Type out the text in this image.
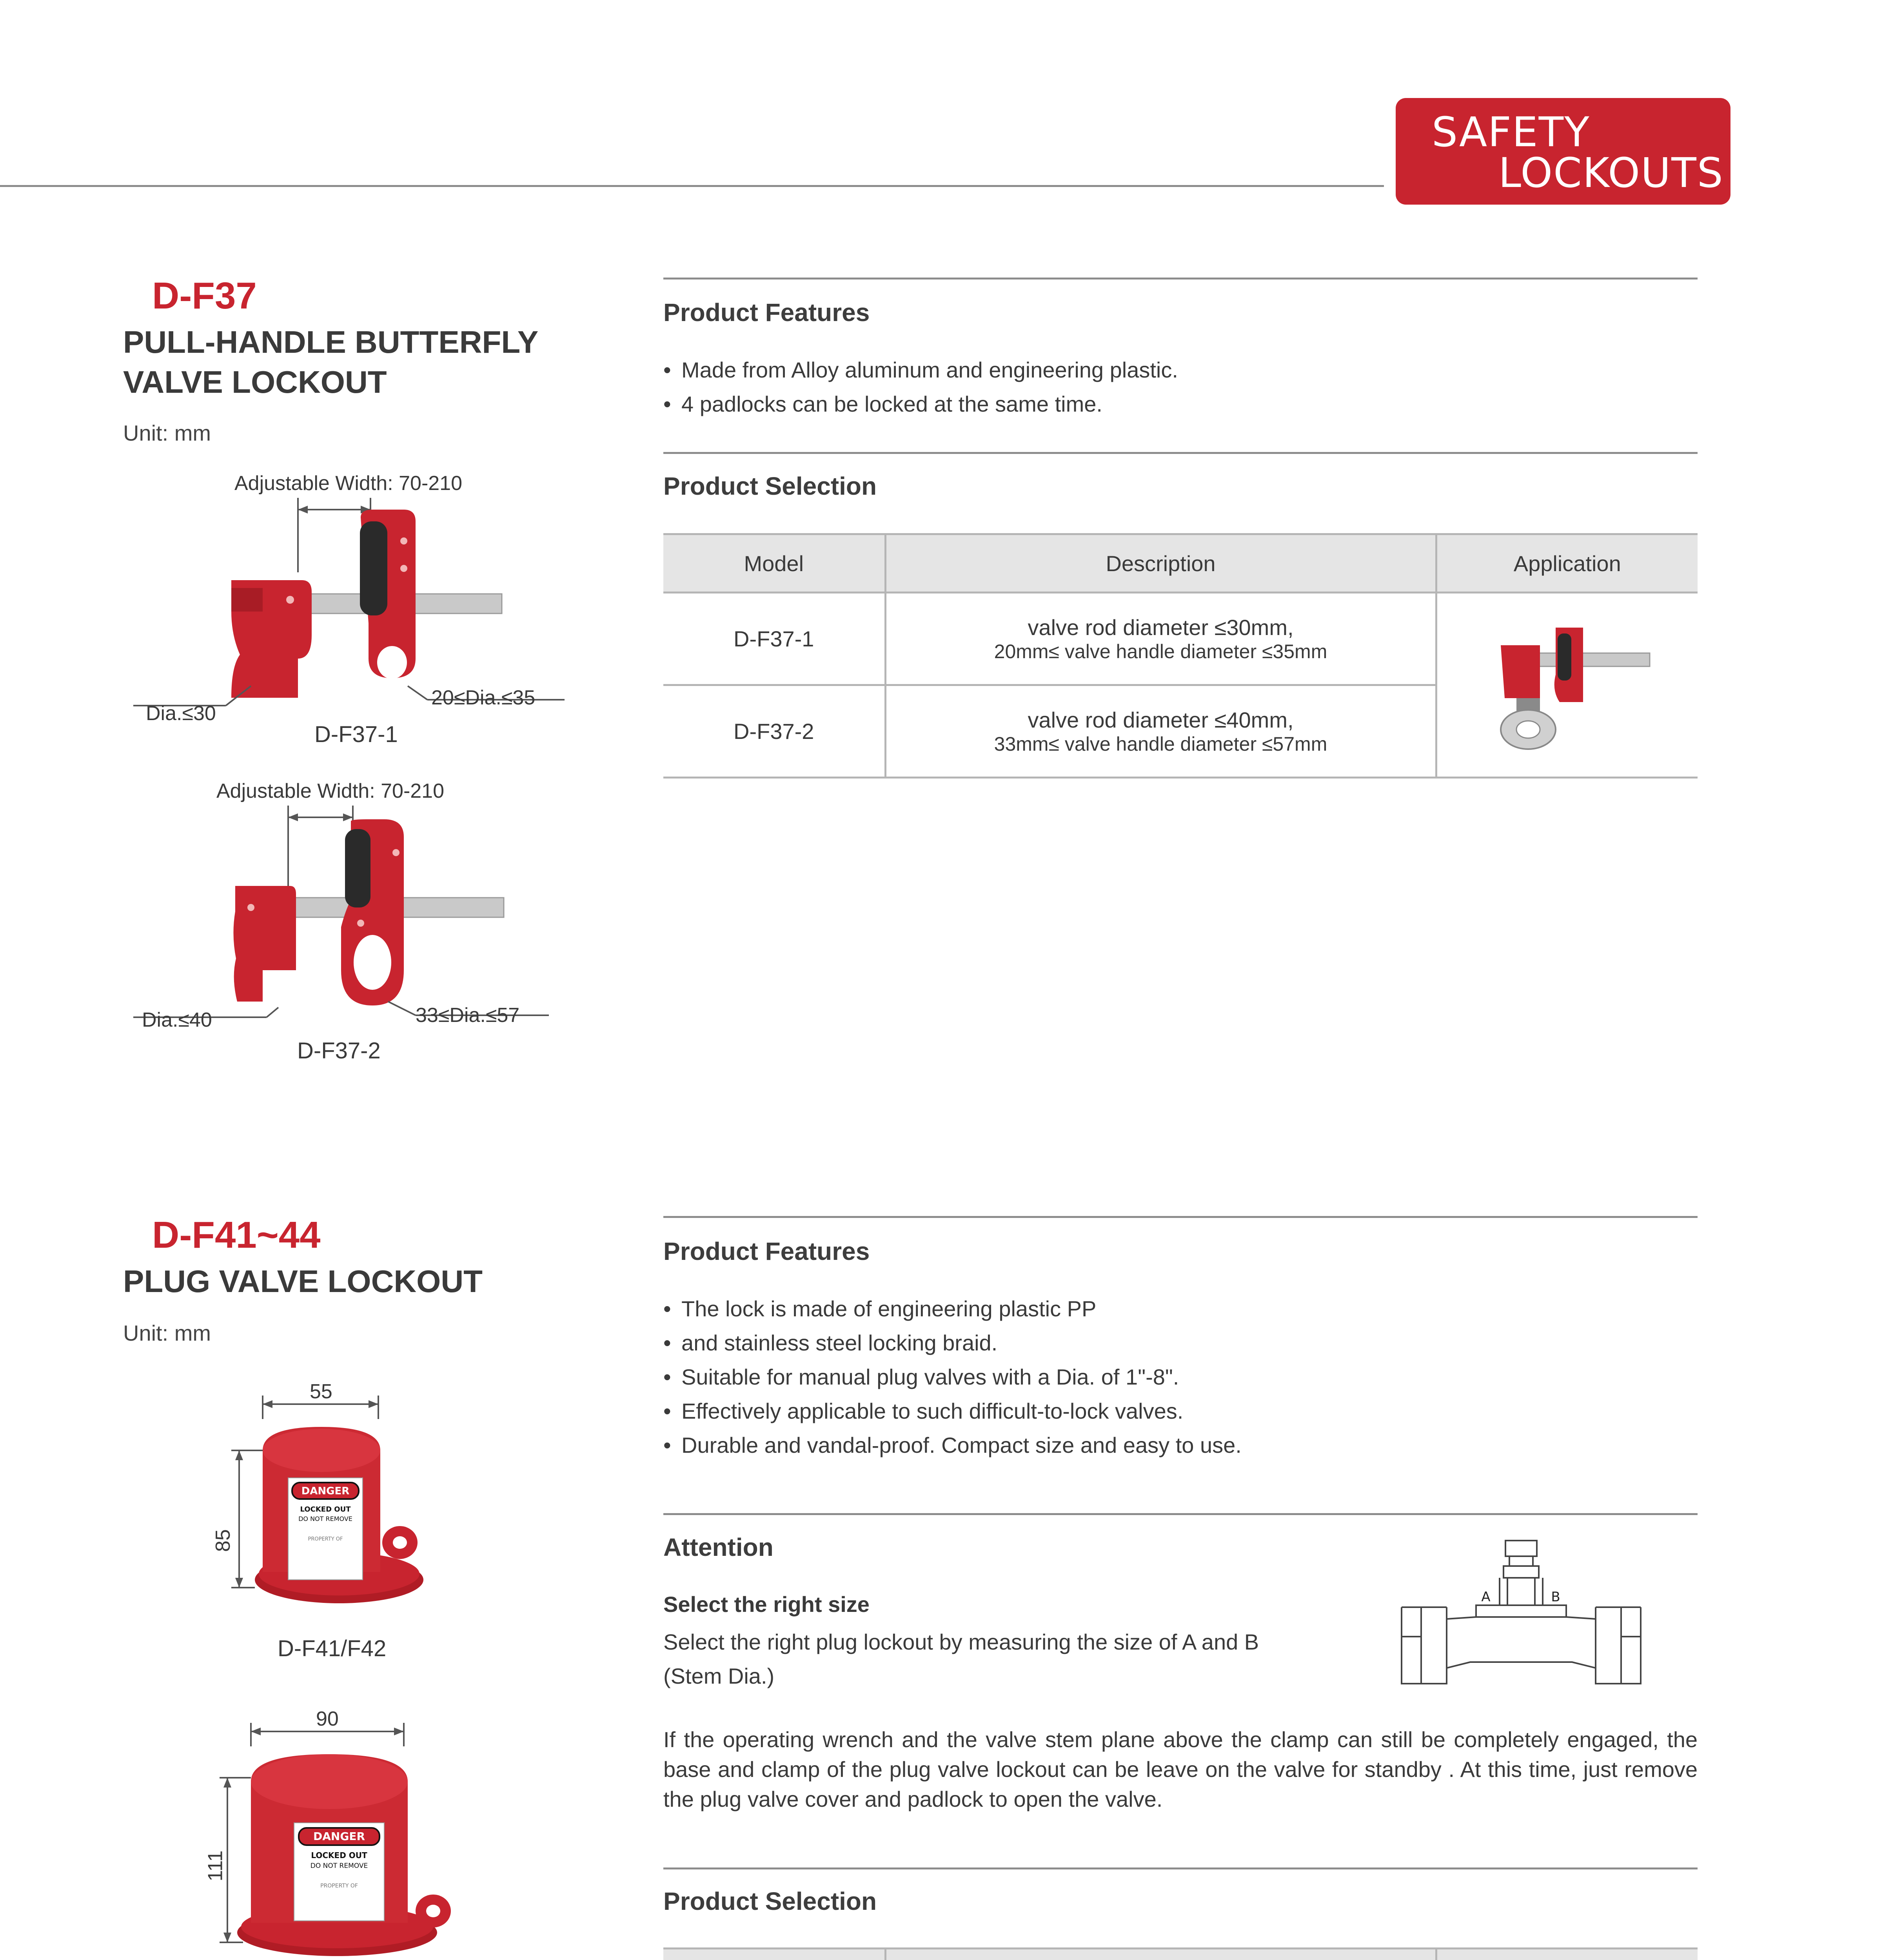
SAFETY
LOCKOUTS
D-F37
PULL-HANDLE BUTTERFLY
VALVE LOCKOUT
Unit: mm
Adjustable Width: 70-210
Dia.≤30
20≤Dia.≤35
D-F37-1
Adjustable Width: 70-210
Dia.≤40	33≤Dia.≤57
D-F37-2
Product Features
• Made from Alloy aluminum and engineering plastic.
• 4 padlocks can be locked at the same time.
Product Selection
Model	Description	Application
D-F37-1	valve rod diameter ≤30mm,
20mm≤ valve handle diameter ≤35mm

D-F37-2	valve rod diameter ≤40mm,
33mm≤ valve handle diameter ≤57mm	
D-F41~44
PLUG VALVE LOCKOUT
Unit: mm
55
85
DANGER
LOCKED OUT
DO NOT REMOVE
PROPERTY OF
D-F41/F42
90
111
DANGER
LOCKED OUT
DO NOT REMOVE
PROPERTY OF
Product Features
• The lock is made of engineering plastic PP
• and stainless steel locking braid.
• Suitable for manual plug valves with a Dia. of 1"-8".
• Effectively applicable to such difficult-to-lock valves.
• Durable and vandal-proof. Compact size and easy to use.
Attention
Select the right size

Select the right plug lockout by measuring the size of A and B

(Stem Dia.)

A	B
If the operating wrench and the valve stem plane above the clamp can still be completely engaged, the base and clamp of the plug valve lockout can be leave on the valve for standby . At this time, just remove the plug valve cover and padlock to open the valve.
Product Selection
